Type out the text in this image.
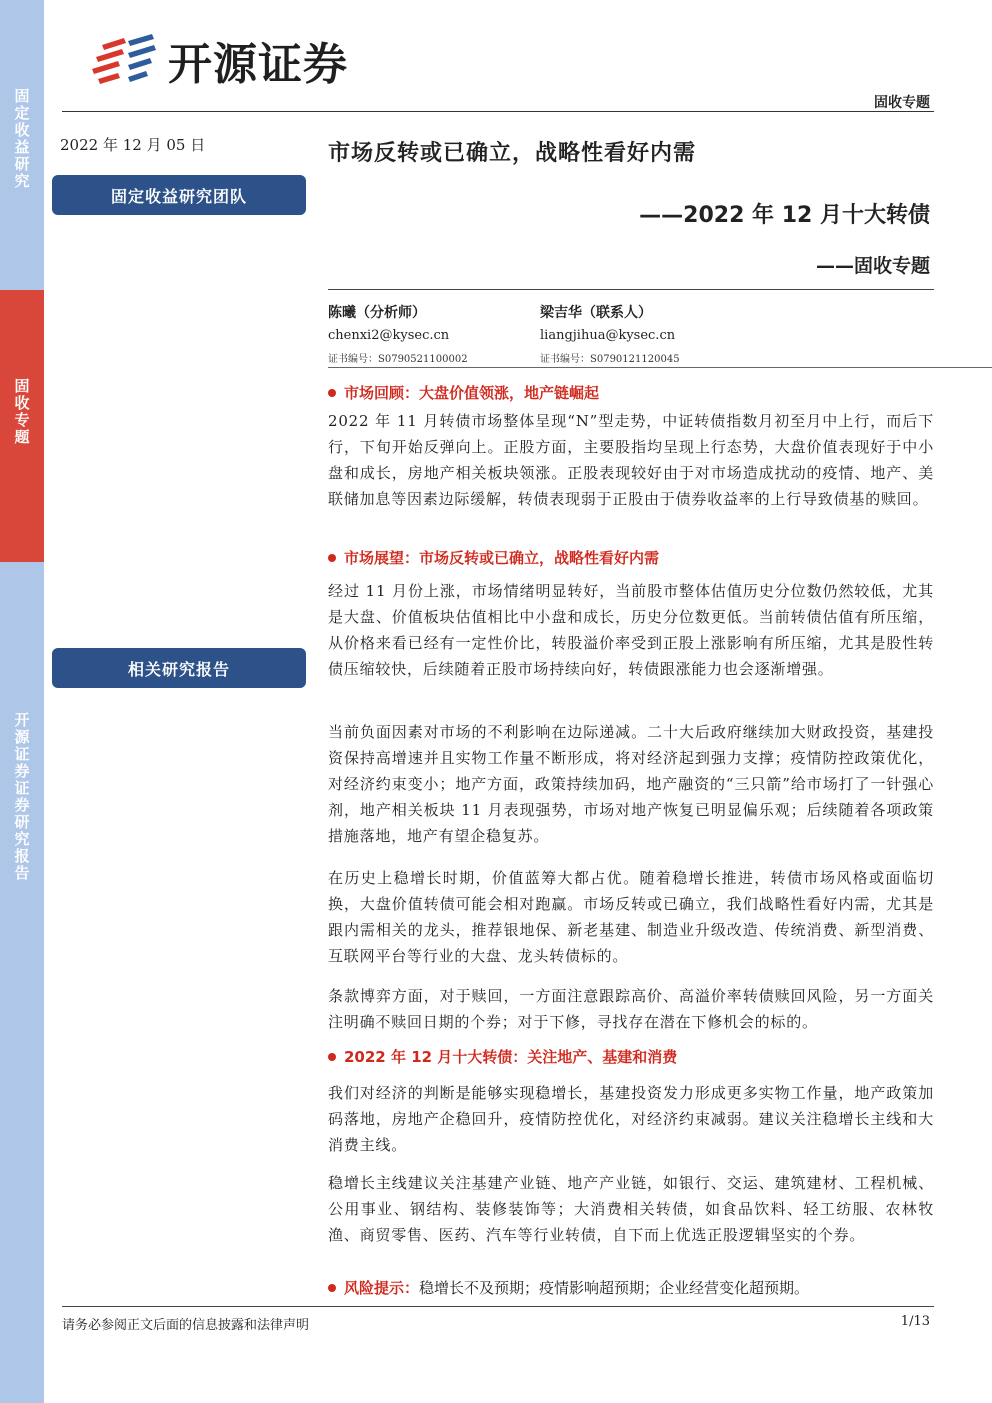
固定收益研究
固收专题
开源证券证券研究报告
开源证券
固收专题
2022 年 12 月 05 日
固定收益研究团队
相关研究报告
市场反转或已确立，战略性看好内需
——2022 年 12 月十大转债
——固收专题
陈曦（分析师）
chenxi2@kysec.cn
证书编号：S0790521100002
梁吉华（联系人）
liangjihua@kysec.cn
证书编号：S0790121120045
市场回顾：大盘价值领涨，地产链崛起
2022 年 11 月转债市场整体呈现“N”型走势，中证转债指数月初至月中上行，而后下行，下旬开始反弹向上。正股方面，主要股指均呈现上行态势，大盘价值表现好于中小盘和成长，房地产相关板块领涨。正股表现较好由于对市场造成扰动的疫情、地产、美联储加息等因素边际缓解，转债表现弱于正股由于债券收益率的上行导致债基的赎回。
市场展望：市场反转或已确立，战略性看好内需
经过 11 月份上涨，市场情绪明显转好，当前股市整体估值历史分位数仍然较低，尤其是大盘、价值板块估值相比中小盘和成长，历史分位数更低。当前转债估值有所压缩，从价格来看已经有一定性价比，转股溢价率受到正股上涨影响有所压缩，尤其是股性转债压缩较快，后续随着正股市场持续向好，转债跟涨能力也会逐渐增强。
当前负面因素对市场的不利影响在边际递减。二十大后政府继续加大财政投资，基建投资保持高增速并且实物工作量不断形成，将对经济起到强力支撑；疫情防控政策优化，对经济约束变小；地产方面，政策持续加码，地产融资的“三只箭”给市场打了一针强心剂，地产相关板块 11 月表现强势，市场对地产恢复已明显偏乐观；后续随着各项政策措施落地，地产有望企稳复苏。
在历史上稳增长时期，价值蓝筹大都占优。随着稳增长推进，转债市场风格或面临切换，大盘价值转债可能会相对跑赢。市场反转或已确立，我们战略性看好内需，尤其是跟内需相关的龙头，推荐银地保、新老基建、制造业升级改造、传统消费、新型消费、互联网平台等行业的大盘、龙头转债标的。
条款博弈方面，对于赎回，一方面注意跟踪高价、高溢价率转债赎回风险，另一方面关注明确不赎回日期的个券；对于下修，寻找存在潜在下修机会的标的。
2022 年 12 月十大转债：关注地产、基建和消费
我们对经济的判断是能够实现稳增长，基建投资发力形成更多实物工作量，地产政策加码落地，房地产企稳回升，疫情防控优化，对经济约束减弱。建议关注稳增长主线和大消费主线。
稳增长主线建议关注基建产业链、地产产业链，如银行、交运、建筑建材、工程机械、公用事业、钢结构、装修装饰等；大消费相关转债，如食品饮料、轻工纺服、农林牧渔、商贸零售、医药、汽车等行业转债，自下而上优选正股逻辑坚实的个券。
风险提示： 稳增长不及预期；疫情影响超预期；企业经营变化超预期。
请务必参阅正文后面的信息披露和法律声明	1/13
